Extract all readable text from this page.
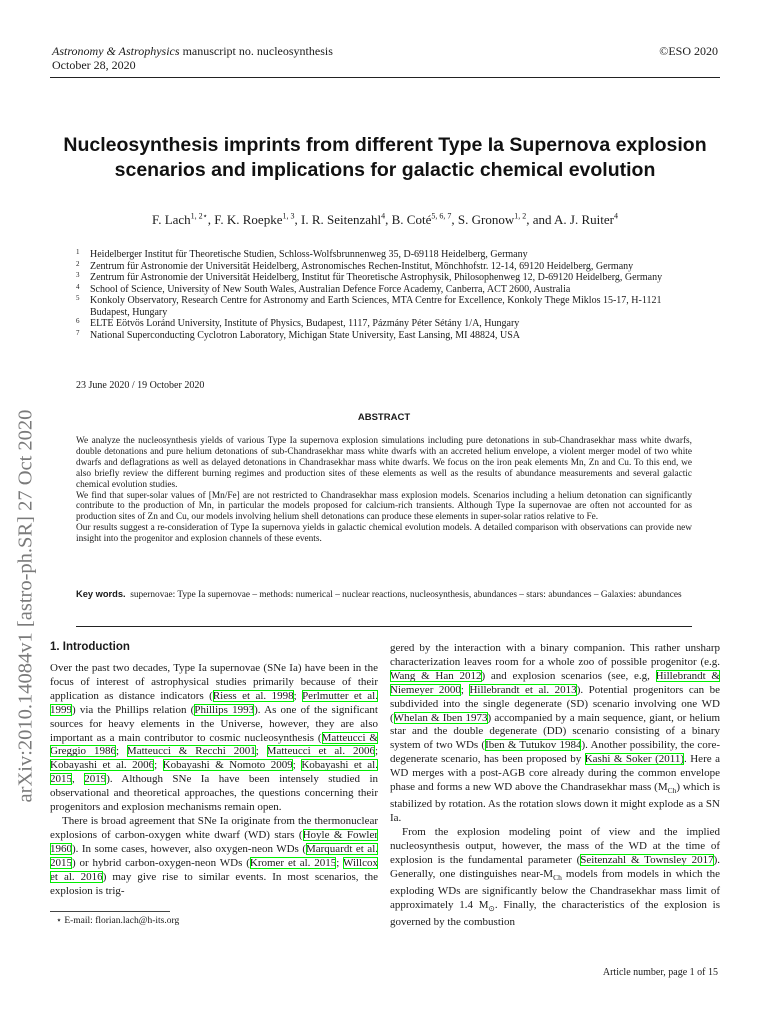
Astronomy & Astrophysics manuscript no. nucleosynthesis
October 28, 2020
©ESO 2020
arXiv:2010.14084v1 [astro-ph.SR] 27 Oct 2020
Nucleosynthesis imprints from different Type Ia Supernova explosion scenarios and implications for galactic chemical evolution
F. Lach$^{1, 2⋆}$, F. K. Roepke$^{1, 3}$, I. R. Seitenzahl$^4$, B. Coté$^{5, 6, 7}$, S. Gronow$^{1, 2}$, and A. J. Ruiter$^4$

1 Heidelberger Institut für Theoretische Studien, Schloss-Wolfsbrunnenweg 35, D-69118 Heidelberg, Germany

2 Zentrum für Astronomie der Universität Heidelberg, Astronomisches Rechen-Institut, Mönchhofstr. 12-14, 69120 Heidelberg, Germany

3 Zentrum für Astronomie der Universität Heidelberg, Institut für Theoretische Astrophysik, Philosophenweg 12, D-69120 Heidelberg, Germany

4 School of Science, University of New South Wales, Australian Defence Force Academy, Canberra, ACT 2600, Australia

5 Konkoly Observatory, Research Centre for Astronomy and Earth Sciences, MTA Centre for Excellence, Konkoly Thege Miklos 15-17, H-1121 Budapest, Hungary

6 ELTE Eötvös Loránd University, Institute of Physics, Budapest, 1117, Pázmány Péter Sétány 1/A, Hungary

7 National Superconducting Cyclotron Laboratory, Michigan State University, East Lansing, MI 48824, USA

23 June 2020 / 19 October 2020
ABSTRACT

We analyze the nucleosynthesis yields of various Type Ia supernova explosion simulations including pure detonations in sub-Chandrasekhar mass white dwarfs, double detonations and pure helium detonations of sub-Chandrasekhar mass white dwarfs with an accreted helium envelope, a violent merger model of two white dwarfs and deflagrations as well as delayed detonations in Chandrasekhar mass white dwarfs. We focus on the iron peak elements Mn, Zn and Cu. To this end, we also briefly review the different burning regimes and production sites of these elements as well as the results of abundance measurements and several galactic chemical evolution studies.

We find that super-solar values of [Mn/Fe] are not restricted to Chandrasekhar mass explosion models. Scenarios including a helium detonation can significantly contribute to the production of Mn, in particular the models proposed for calcium-rich transients. Although Type Ia supernovae are often not accounted for as production sites of Zn and Cu, our models involving helium shell detonations can produce these elements in super-solar ratios relative to Fe.

Our results suggest a re-consideration of Type Ia supernova yields in galactic chemical evolution models. A detailed comparison with observations can provide new insight into the progenitor and explosion channels of these events.

Key words. supernovae: Type Ia supernovae – methods: numerical – nuclear reactions, nucleosynthesis, abundances – stars: abundances – Galaxies: abundances
1. Introduction

Over the past two decades, Type Ia supernovae (SNe Ia) have been in the focus of interest of astrophysical studies primarily because of their application as distance indicators (Riess et al. 1998; Perlmutter et al. 1999) via the Phillips relation (Phillips 1993). As one of the significant sources for heavy elements in the Universe, however, they are also important as a main contributor to cosmic nucleosynthesis (Matteucci & Greggio 1986; Matteucci & Recchi 2001; Matteucci et al. 2006; Kobayashi et al. 2006; Kobayashi & Nomoto 2009; Kobayashi et al. 2015, 2019). Although SNe Ia have been intensely studied in observational and theoretical approaches, the questions concerning their progenitors and explosion mechanisms remain open.

There is broad agreement that SNe Ia originate from the thermonuclear explosions of carbon-oxygen white dwarf (WD) stars (Hoyle & Fowler 1960). In some cases, however, also oxygen-neon WDs (Marquardt et al. 2015) or hybrid carbon-oxygen-neon WDs (Kromer et al. 2015; Willcox et al. 2016) may give rise to similar events. In most scenarios, the explosion is trig-

gered by the interaction with a binary companion. This rather unsharp characterization leaves room for a whole zoo of possible progenitor (e.g. Wang & Han 2012) and explosion scenarios (see, e.g, Hillebrandt & Niemeyer 2000; Hillebrandt et al. 2013). Potential progenitors can be subdivided into the single degenerate (SD) scenario involving one WD (Whelan & Iben 1973) accompanied by a main sequence, giant, or helium star and the double degenerate (DD) scenario consisting of a binary system of two WDs (Iben & Tutukov 1984). Another possibility, the core-degenerate scenario, has been proposed by Kashi & Soker (2011). Here a WD merges with a post-AGB core already during the common envelope phase and forms a new WD above the Chandrasekhar mass $(M_{Ch})$ which is stabilized by rotation. As the rotation slows down it might explode as a SN Ia.

From the explosion modeling point of view and the implied nucleosynthesis output, however, the mass of the WD at the time of explosion is the fundamental parameter (Seitenzahl & Townsley 2017). Generally, one distinguishes near-$M_{Ch}$ models from models in which the exploding WDs are significantly below the Chandrasekhar mass limit of approximately 1.4 $M_⊙$. Finally, the characteristics of the explosion is governed by the combustion

⋆ E-mail: florian.lach@h-its.org
Article number, page 1 of 15
